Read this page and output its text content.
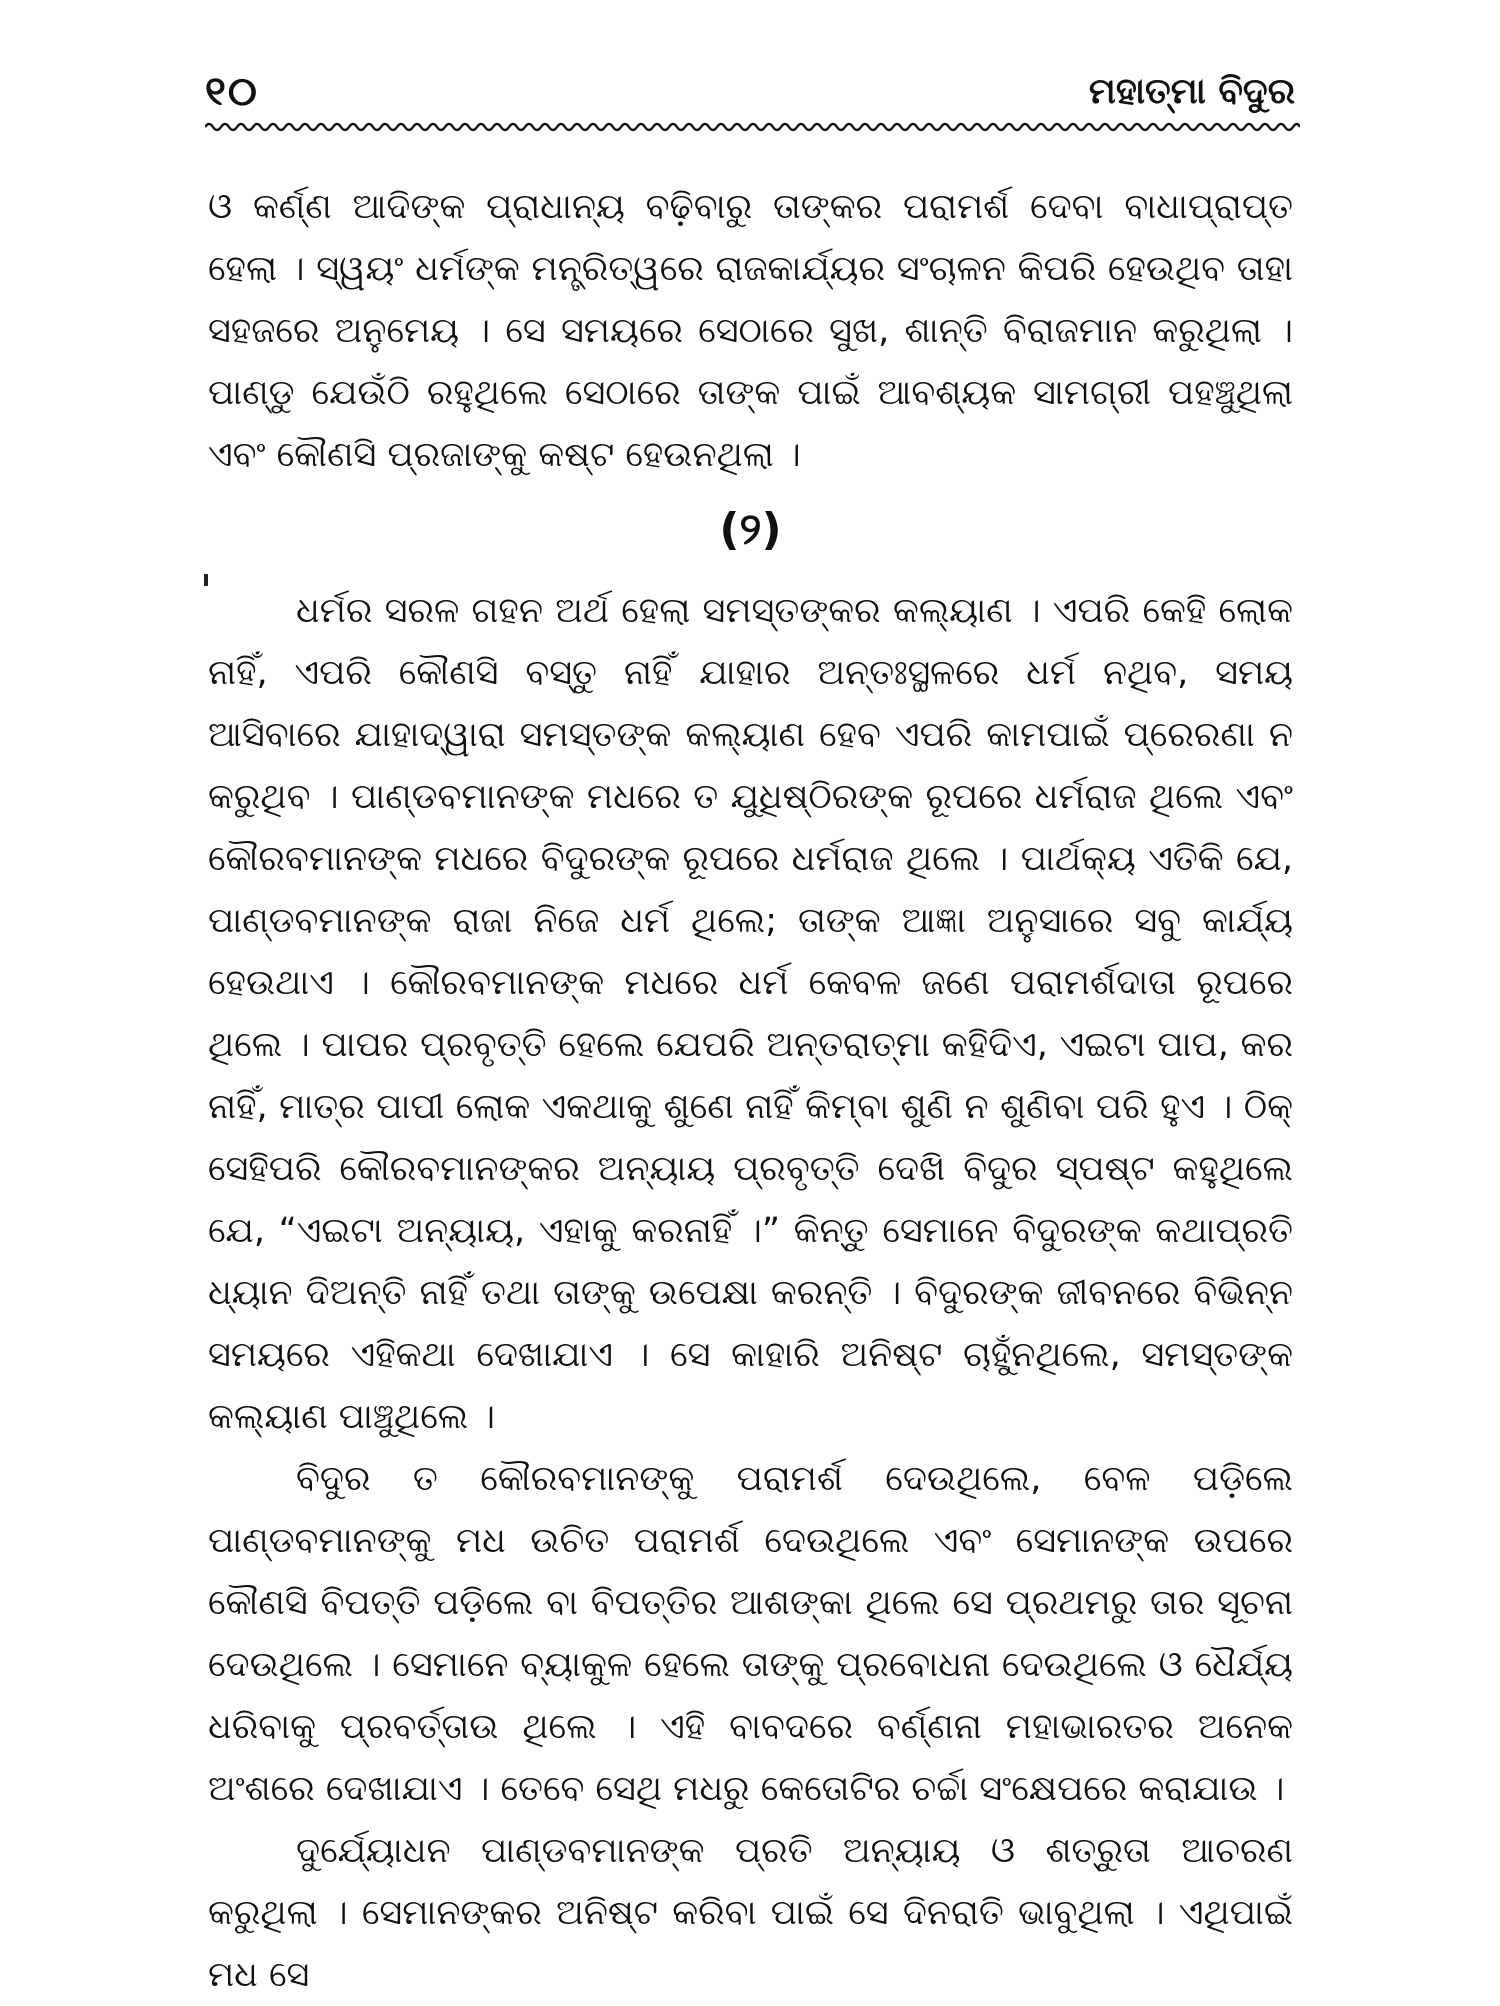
୧୦	ମହାତ୍ମା ବିଦୁର

ଓ କର୍ଣ୍ଣ ଆଦିଙ୍କ ପ୍ରାଧାନ୍ୟ ବଢ଼ିବାରୁ ତାଙ୍କର ପରାମର୍ଶ ଦେବା ବାଧାପ୍ରାପ୍ତ ହେଲା । ସ୍ୱୟଂ ଧର୍ମଙ୍କ ମନ୍ତ୍ରିତ୍ୱରେ ରାଜକାର୍ଯ୍ୟର ସଂଚାଳନ କିପରି ହେଉଥିବ ତାହା ସହଜରେ ଅନୁମେୟ । ସେ ସମୟରେ ସେଠାରେ ସୁଖ, ଶାନ୍ତି ବିରାଜମାନ କରୁଥିଲା । ପାଣ୍ଡୁ ଯେଉଁଠି ରହୁଥିଲେ ସେଠାରେ ତାଙ୍କ ପାଇଁ ଆବଶ୍ୟକ ସାମଗ୍ରୀ ପହଞ୍ଚୁଥିଲା ଏବଂ କୌଣସି ପ୍ରଜାଙ୍କୁ କଷ୍ଟ ହେଉନଥିଲା ।

(୨)

ଧର୍ମର ସରଳ ଗହନ ଅର୍ଥ ହେଲା ସମସ୍ତଙ୍କର କଲ୍ୟାଣ । ଏପରି କେହି ଲୋକ ନାହିଁ, ଏପରି କୌଣସି ବସ୍ତୁ ନାହିଁ ଯାହାର ଅନ୍ତଃସ୍ଥଳରେ ଧର୍ମ ନଥିବ, ସମୟ ଆସିବାରେ ଯାହାଦ୍ୱାରା ସମସ୍ତଙ୍କ କଲ୍ୟାଣ ହେବ ଏପରି କାମପାଇଁ ପ୍ରେରଣା ନ କରୁଥିବ । ପାଣ୍ଡବମାନଙ୍କ ମଧରେ ତ ଯୁଧିଷ୍ଠିରଙ୍କ ରୂପରେ ଧର୍ମରାଜ ଥିଲେ ଏବଂ କୌରବମାନଙ୍କ ମଧରେ ବିଦୁରଙ୍କ ରୂପରେ ଧର୍ମରାଜ ଥିଲେ । ପାର୍ଥକ୍ୟ ଏତିକି ଯେ, ପାଣ୍ଡବମାନଙ୍କ ରାଜା ନିଜେ ଧର୍ମ ଥିଲେ; ତାଙ୍କ ଆଜ୍ଞା ଅନୁସାରେ ସବୁ କାର୍ଯ୍ୟ ହେଉଥାଏ । କୌରବମାନଙ୍କ ମଧରେ ଧର୍ମ କେବଳ ଜଣେ ପରାମର୍ଶଦାତା ରୂପରେ ଥିଲେ । ପାପର ପ୍ରବୃତ୍ତି ହେଲେ ଯେପରି ଅନ୍ତରାତ୍ମା କହିଦିଏ, ଏଇଟା ପାପ, କର ନାହିଁ, ମାତ୍ର ପାପୀ ଲୋକ ଏକଥାକୁ ଶୁଣେ ନାହିଁ କିମ୍ବା ଶୁଣି ନ ଶୁଣିବା ପରି ହୁଏ । ଠିକ୍ ସେହିପରି କୌରବମାନଙ୍କର ଅନ୍ୟାୟ ପ୍ରବୃତ୍ତି ଦେଖି ବିଦୁର ସ୍ପଷ୍ଟ କହୁଥିଲେ ଯେ, “ଏଇଟା ଅନ୍ୟାୟ, ଏହାକୁ କରନାହିଁ ।” କିନ୍ତୁ ସେମାନେ ବିଦୁରଙ୍କ କଥାପ୍ରତି ଧ୍ୟାନ ଦିଅନ୍ତି ନାହିଁ ତଥା ତାଙ୍କୁ ଉପେକ୍ଷା କରନ୍ତି । ବିଦୁରଙ୍କ ଜୀବନରେ ବିଭିନ୍ନ ସମୟରେ ଏହିକଥା ଦେଖାଯାଏ । ସେ କାହାରି ଅନିଷ୍ଟ ଚାହୁଁନଥିଲେ, ସମସ୍ତଙ୍କ କଲ୍ୟାଣ ପାଞ୍ଚୁଥିଲେ ।

ବିଦୁର ତ କୌରବମାନଙ୍କୁ ପରାମର୍ଶ ଦେଉଥିଲେ, ବେଳ ପଡ଼ିଲେ ପାଣ୍ଡବମାନଙ୍କୁ ମଧ ଉଚିତ ପରାମର୍ଶ ଦେଉଥିଲେ ଏବଂ ସେମାନଙ୍କ ଉପରେ କୌଣସି ବିପତ୍ତି ପଡ଼ିଲେ ବା ବିପତ୍ତିର ଆଶଙ୍କା ଥିଲେ ସେ ପ୍ରଥମରୁ ତାର ସୂଚନା ଦେଉଥିଲେ । ସେମାନେ ବ୍ୟାକୁଳ ହେଲେ ତାଙ୍କୁ ପ୍ରବୋଧନା ଦେଉଥିଲେ ଓ ଧୈର୍ଯ୍ୟ ଧରିବାକୁ ପ୍ରବର୍ତ୍ତାଉ ଥିଲେ । ଏହି ବାବଦରେ ବର୍ଣ୍ଣନା ମହାଭାରତର ଅନେକ ଅଂଶରେ ଦେଖାଯାଏ । ତେବେ ସେଥି ମଧରୁ କେତୋଟିର ଚର୍ଚ୍ଚା ସଂକ୍ଷେପରେ କରାଯାଉ ।

ଦୁର୍ଯ୍ୟୋଧନ ପାଣ୍ଡବମାନଙ୍କ ପ୍ରତି ଅନ୍ୟାୟ ଓ ଶତ୍ରୁତା ଆଚରଣ କରୁଥିଲା । ସେମାନଙ୍କର ଅନିଷ୍ଟ କରିବା ପାଇଁ ସେ ଦିନରାତି ଭାବୁଥିଲା । ଏଥିପାଇଁ ମଧ ସେ
